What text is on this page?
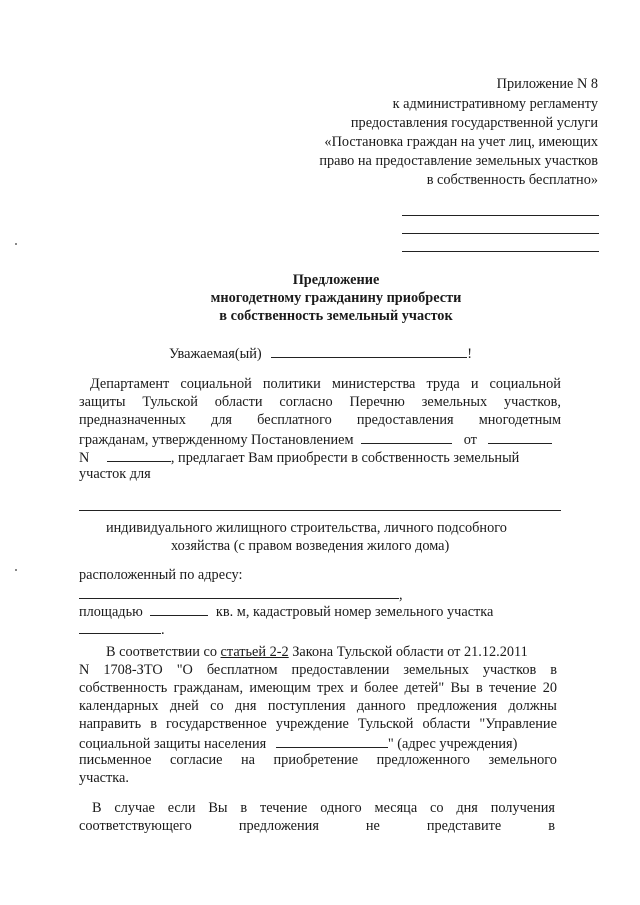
Приложение N 8
к административному регламенту
предоставления государственной услуги
«Постановка граждан на учет лиц, имеющих
право на предоставление земельных участков
в собственность бесплатно»
Предложение
многодетному гражданину приобрести
в собственность земельный участок
Уважаемая(ый)	!
Департамент социальной политики министерства труда и социальной
защиты Тульской области согласно Перечню земельных участков,
предназначенных для бесплатного предоставления многодетным
гражданам, утвержденному Постановлением	от
N	, предлагает Вам приобрести в собственность земельный
участок для
индивидуального жилищного строительства, личного подсобного
хозяйства (с правом возведения жилого дома)
расположенный по адресу:
,
площадью	кв. м, кадастровый номер земельного участка
.
В соответствии со статьей 2-2 Закона Тульской области от 21.12.2011
N 1708-ЗТО "О бесплатном предоставлении земельных участков в
собственность гражданам, имеющим трех и более детей" Вы в течение 20
календарных дней со дня поступления данного предложения должны
направить в государственное учреждение Тульской области "Управление
социальной защиты населения	" (адрес учреждения)
письменное согласие на приобретение предложенного земельного
участка.
В случае если Вы в течение одного месяца со дня получения
соответствующего	предложения	не	представите	в
